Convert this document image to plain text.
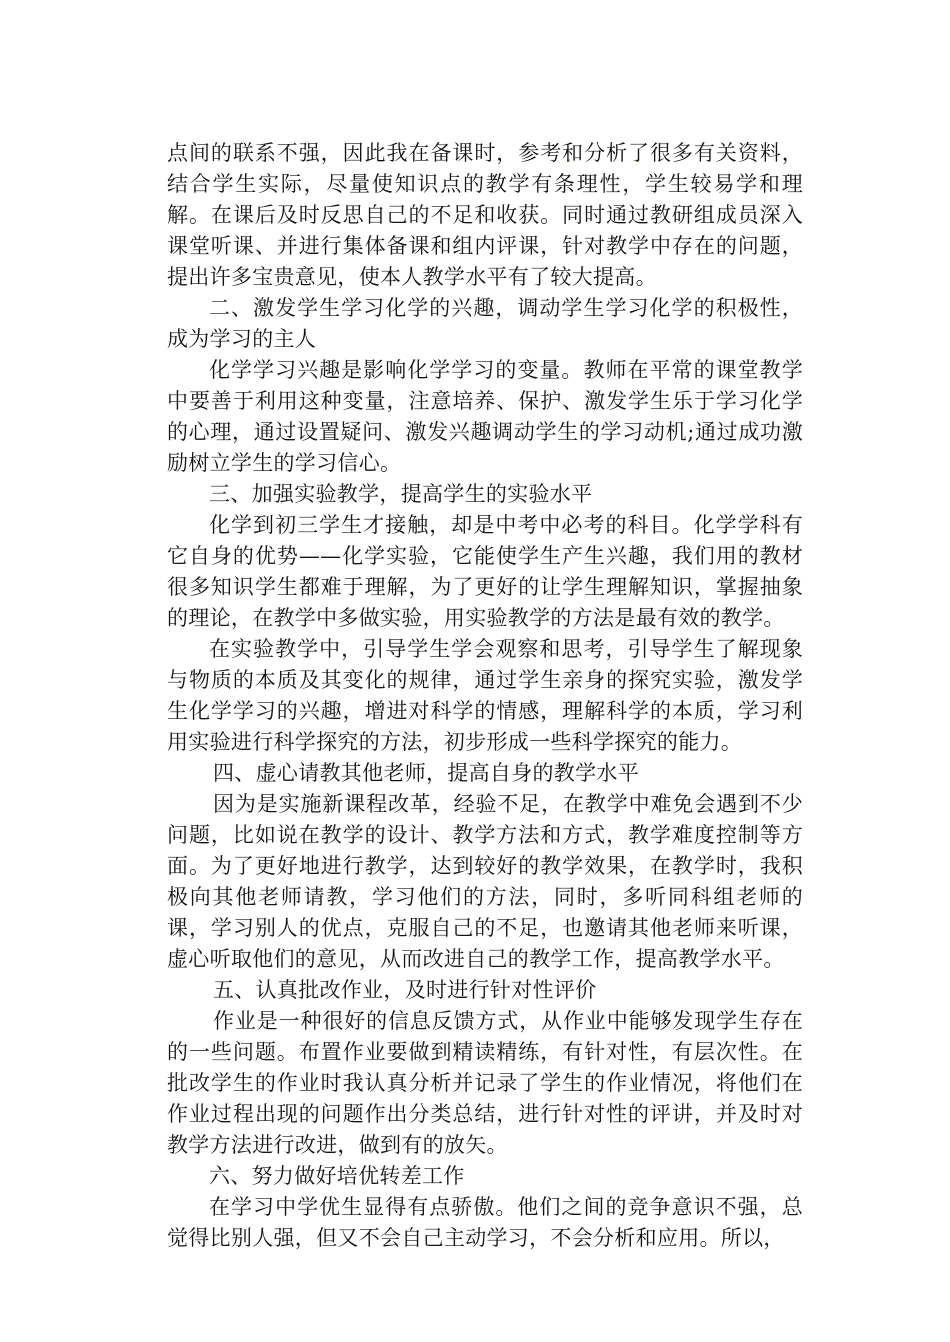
点间的联系不强，因此我在备课时，参考和分析了很多有关资料，结合学生实际，尽量使知识点的教学有条理性，学生较易学和理解。在课后及时反思自己的不足和收获。同时通过教研组成员深入课堂听课、并进行集体备课和组内评课，针对教学中存在的问题，提出许多宝贵意见，使本人教学水平有了较大提高。

二、激发学生学习化学的兴趣，调动学生学习化学的积极性，成为学习的主人

化学学习兴趣是影响化学学习的变量。教师在平常的课堂教学中要善于利用这种变量，注意培养、保护、激发学生乐于学习化学的心理，通过设置疑问、激发兴趣调动学生的学习动机;通过成功激励树立学生的学习信心。

三、加强实验教学，提高学生的实验水平

化学到初三学生才接触，却是中考中必考的科目。化学学科有它自身的优势——化学实验，它能使学生产生兴趣，我们用的教材很多知识学生都难于理解，为了更好的让学生理解知识，掌握抽象的理论，在教学中多做实验，用实验教学的方法是最有效的教学。

在实验教学中，引导学生学会观察和思考，引导学生了解现象与物质的本质及其变化的规律，通过学生亲身的探究实验，激发学生化学学习的兴趣，增进对科学的情感，理解科学的本质，学习利用实验进行科学探究的方法，初步形成一些科学探究的能力。

四、虚心请教其他老师，提高自身的教学水平

因为是实施新课程改革，经验不足，在教学中难免会遇到不少问题，比如说在教学的设计、教学方法和方式，教学难度控制等方面。为了更好地进行教学，达到较好的教学效果，在教学时，我积极向其他老师请教，学习他们的方法，同时，多听同科组老师的课，学习别人的优点，克服自己的不足，也邀请其他老师来听课，虚心听取他们的意见，从而改进自己的教学工作，提高教学水平。

五、认真批改作业，及时进行针对性评价

作业是一种很好的信息反馈方式，从作业中能够发现学生存在的一些问题。布置作业要做到精读精练，有针对性，有层次性。在批改学生的作业时我认真分析并记录了学生的作业情况，将他们在作业过程出现的问题作出分类总结，进行针对性的评讲，并及时对教学方法进行改进，做到有的放矢。

六、努力做好培优转差工作

在学习中学优生显得有点骄傲。他们之间的竞争意识不强，总觉得比别人强，但又不会自己主动学习，不会分析和应用。所以，
